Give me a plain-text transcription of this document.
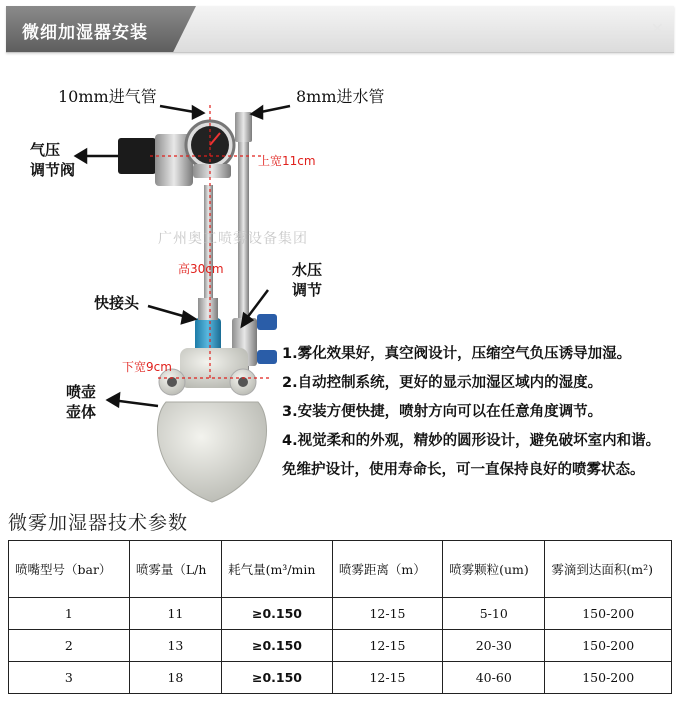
微细加湿器安装	✕
10mm进气管	8mm进水管
气压
调节阀
水压
调节
快接头
喷壶
壶体
上宽11cm
高30cm
下宽9cm
广州奥工喷雾设备集团
1.雾化效果好，真空阀设计，压缩空气负压诱导加湿。
2.自动控制系统，更好的显示加湿区域内的湿度。
3.安装方便快捷，喷射方向可以在任意角度调节。
4.视觉柔和的外观，精妙的圆形设计，避免破坏室内和谐。
免维护设计，使用寿命长，可一直保持良好的喷雾状态。
微雾加湿器技术参数
喷嘴型号（bar）	喷雾量（L/h	耗气量(m³/min	喷雾距离（m）	喷雾颗粒(um)	雾滴到达面积(m²)
1	11	≥0.150	12-15	5-10	150-200
2	13	≥0.150	12-15	20-30	150-200
3	18	≥0.150	12-15	40-60	150-200
